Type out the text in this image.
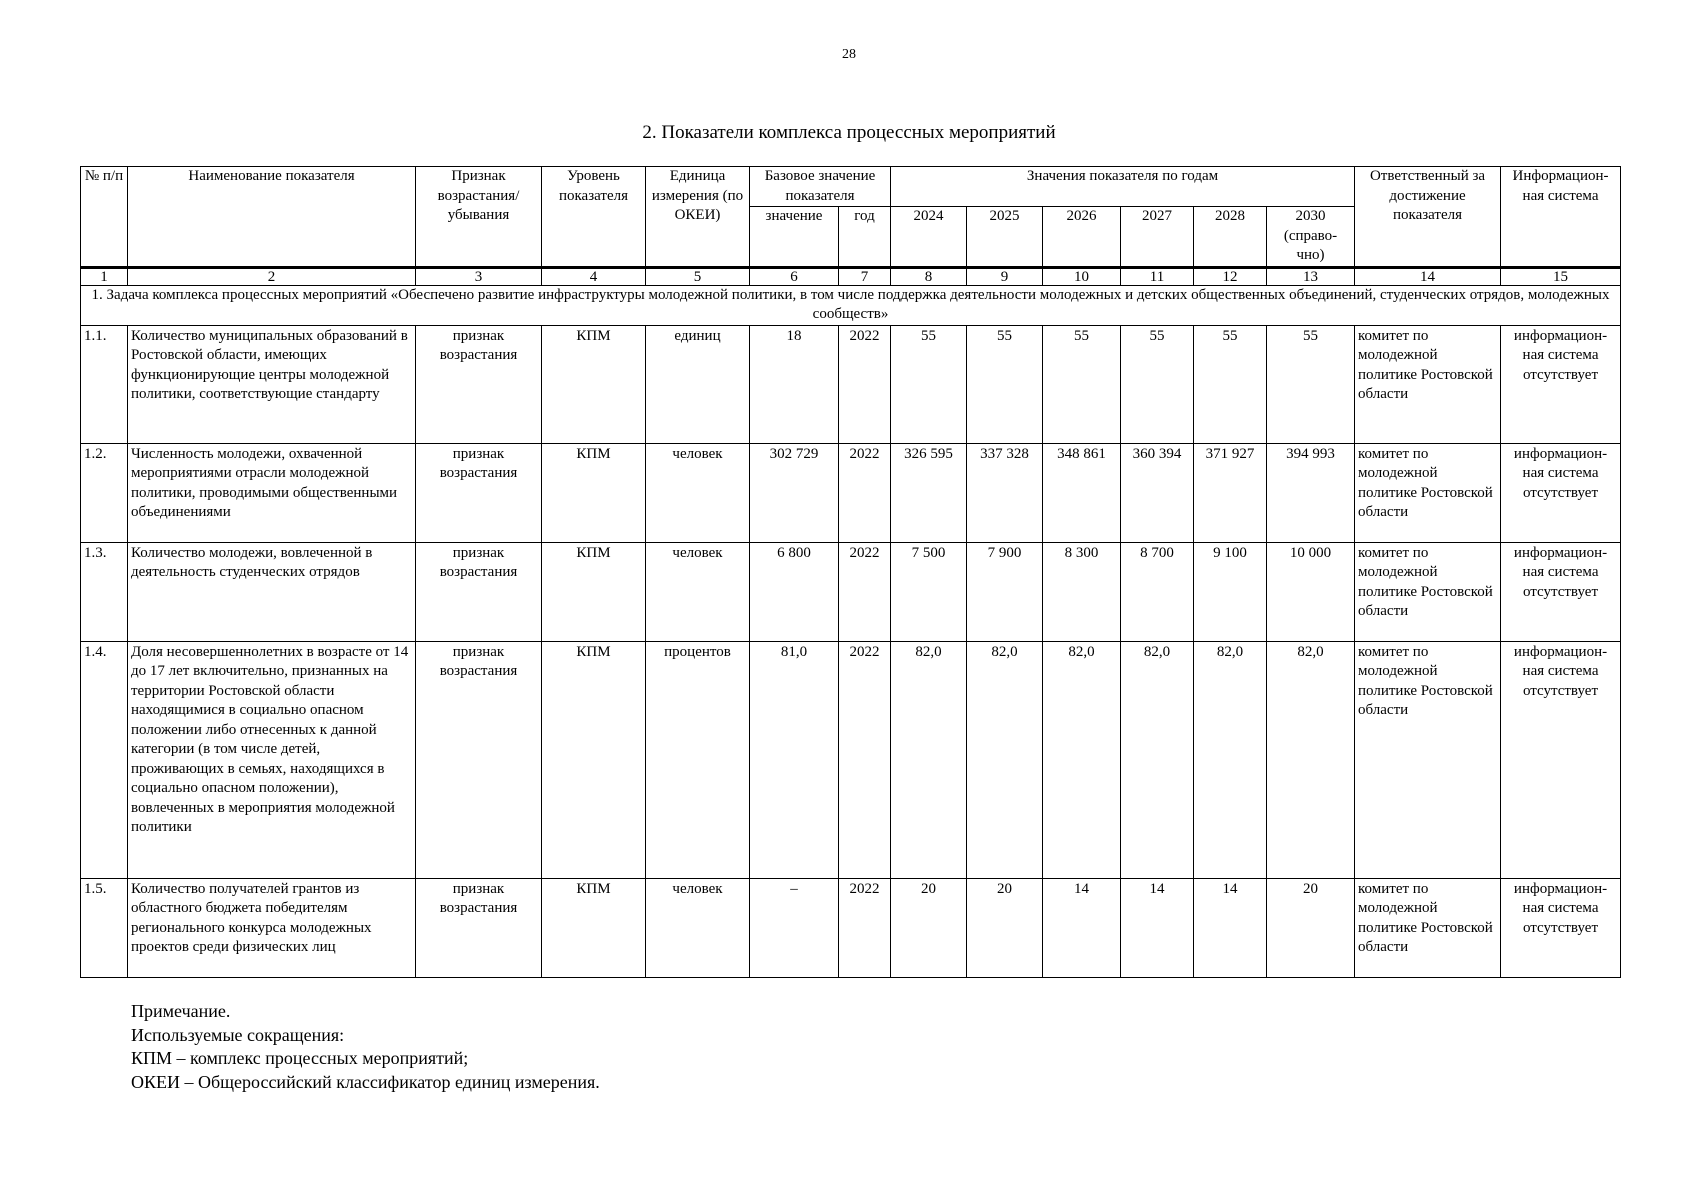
28
2. Показатели комплекса процессных мероприятий
№ п/п	Наименование показателя	Признак возрастания/ убывания	Уровень показателя	Единица измерения (по ОКЕИ)	Базовое значение показателя		Значения показателя по годам						Ответственный за достижение показателя	Информацион-ная система
					значение	год	2024	2025	2026	2027	2028	2030 (справо-чно)		
1	2	3	4	5	6	7	8	9	10	11	12	13	14	15
1. Задача комплекса процессных мероприятий «Обеспечено развитие инфраструктуры молодежной политики, в том числе поддержка деятельности молодежных и детских общественных объединений, студенческих отрядов, молодежных сообществ»														
1.1.	Количество муниципальных образований в Ростовской области, имеющих функционирующие центры молодежной политики, соответствующие стандарту	признак возрастания	КПМ	единиц	18	2022	55	55	55	55	55	55	комитет по молодежной политике Ростовской области	информацион-ная система отсутствует
1.2.	Численность молодежи, охваченной мероприятиями отрасли молодежной политики, проводимыми общественными объединениями	признак возрастания	КПМ	человек	302 729	2022	326 595	337 328	348 861	360 394	371 927	394 993	комитет по молодежной политике Ростовской области	информацион-ная система отсутствует
1.3.	Количество молодежи, вовлеченной в деятельность студенческих отрядов	признак возрастания	КПМ	человек	6 800	2022	7 500	7 900	8 300	8 700	9 100	10 000	комитет по молодежной политике Ростовской области	информацион-ная система отсутствует
1.4.	Доля несовершеннолетних в возрасте от 14 до 17 лет включительно, признанных на территории Ростовской области находящимися в социально опасном положении либо отнесенных к данной категории (в том числе детей, проживающих в семьях, находящихся в социально опасном положении), вовлеченных в мероприятия молодежной политики	признак возрастания	КПМ	процентов	81,0	2022	82,0	82,0	82,0	82,0	82,0	82,0	комитет по молодежной политике Ростовской области	информацион-ная система отсутствует
1.5.	Количество получателей грантов из областного бюджета победителям регионального конкурса молодежных проектов среди физических лиц	признак возрастания	КПМ	человек	–	2022	20	20	14	14	14	20	комитет по молодежной политике Ростовской области	информацион-ная система отсутствует
Примечание.
Используемые сокращения:
КПМ – комплекс процессных мероприятий;
ОКЕИ – Общероссийский классификатор единиц измерения.
